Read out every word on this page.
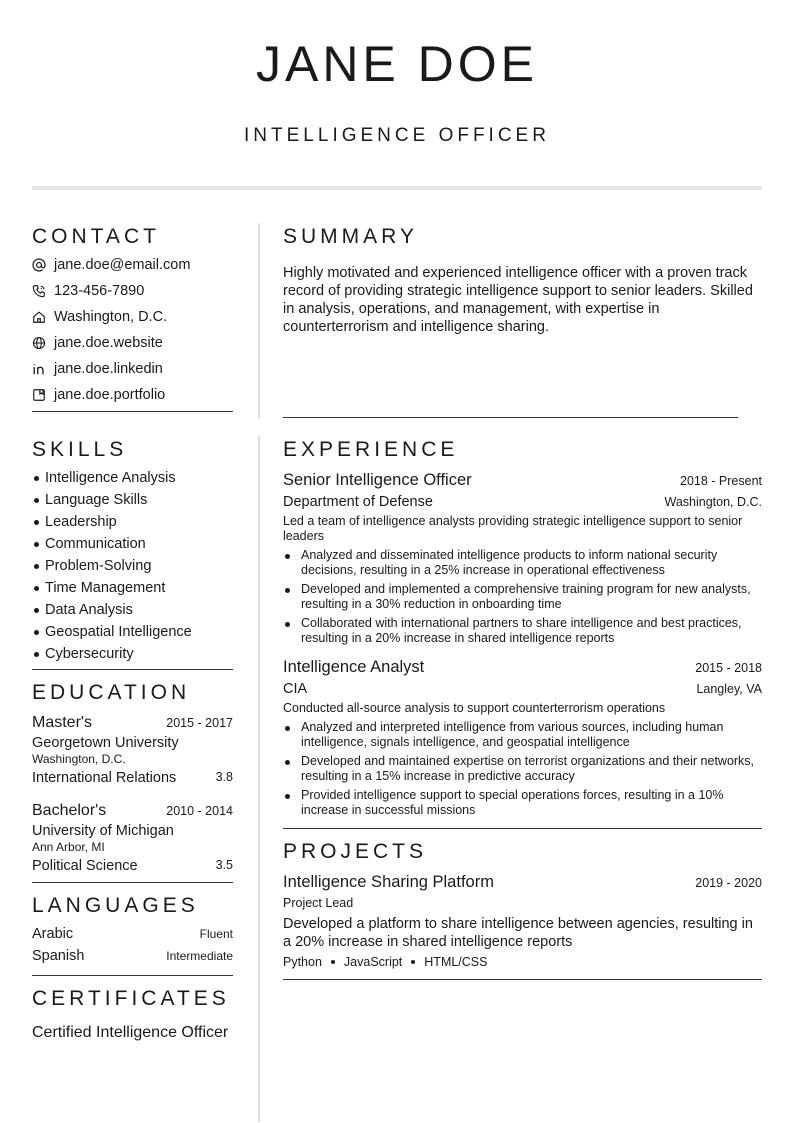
JANE DOE
INTELLIGENCE OFFICER
CONTACT
jane.doe@email.com
123-456-7890
Washington, D.C.
jane.doe.website
jane.doe.linkedin
jane.doe.portfolio
SUMMARY

Highly motivated and experienced intelligence officer with a proven track record of providing strategic intelligence support to senior leaders. Skilled in analysis, operations, and management, with expertise in counterterrorism and intelligence sharing.

SKILLS
Intelligence Analysis
Language Skills
Leadership
Communication
Problem-Solving
Time Management
Data Analysis
Geospatial Intelligence
Cybersecurity
EDUCATION
Master's	2015 - 2017
Georgetown University
Washington, D.C.
International Relations	3.8
Bachelor's	2010 - 2014
University of Michigan
Ann Arbor, MI
Political Science	3.5
LANGUAGES
Arabic	Fluent
Spanish	Intermediate
CERTIFICATES
Certified Intelligence Officer
EXPERIENCE
Senior Intelligence Officer	2018 - Present
Department of Defense	Washington, D.C.
Led a team of intelligence analysts providing strategic intelligence support to senior leaders
Analyzed and disseminated intelligence products to inform national security decisions, resulting in a 25% increase in operational effectiveness
Developed and implemented a comprehensive training program for new analysts, resulting in a 30% reduction in onboarding time
Collaborated with international partners to share intelligence and best practices, resulting in a 20% increase in shared intelligence reports
Intelligence Analyst	2015 - 2018
CIA	Langley, VA
Conducted all-source analysis to support counterterrorism operations
Analyzed and interpreted intelligence from various sources, including human intelligence, signals intelligence, and geospatial intelligence
Developed and maintained expertise on terrorist organizations and their networks, resulting in a 15% increase in predictive accuracy
Provided intelligence support to special operations forces, resulting in a 10% increase in successful missions
PROJECTS
Intelligence Sharing Platform	2019 - 2020
Project Lead
Developed a platform to share intelligence between agencies, resulting in a 20% increase in shared intelligence reports
Python JavaScript HTML/CSS
